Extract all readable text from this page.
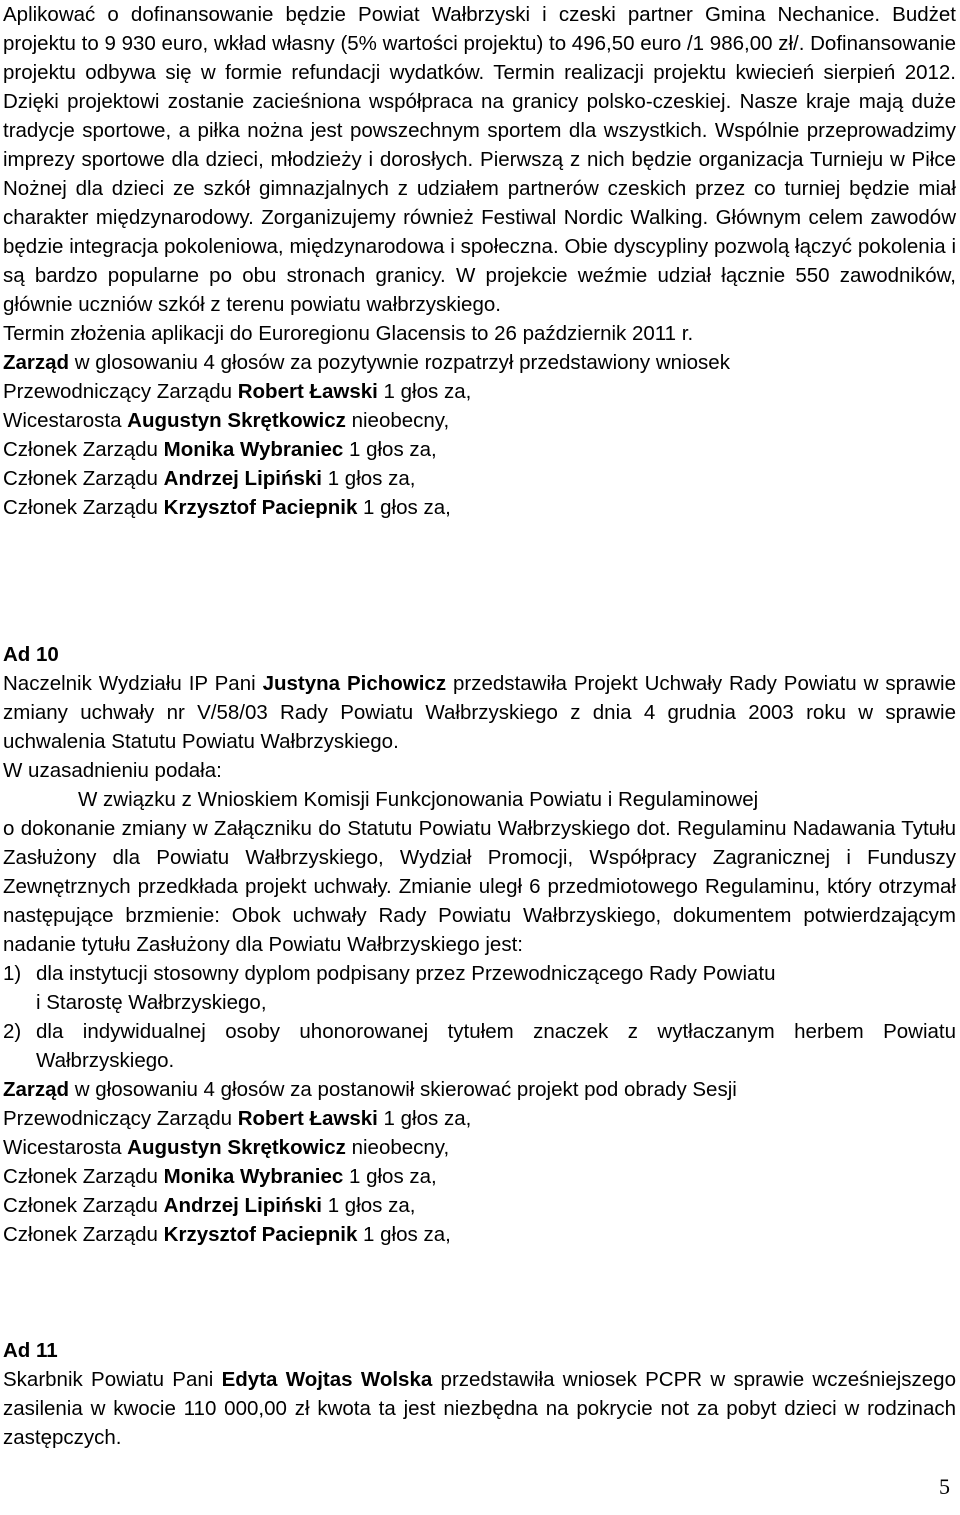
Aplikować o dofinansowanie będzie Powiat Wałbrzyski i czeski partner Gmina Nechanice. Budżet projektu to 9 930 euro, wkład własny (5% wartości projektu) to 496,50 euro /1 986,00 zł/. Dofinansowanie projektu odbywa się w formie refundacji wydatków. Termin realizacji projektu kwiecień sierpień 2012. Dzięki projektowi zostanie zacieśniona współpraca na granicy polsko-czeskiej. Nasze kraje mają duże tradycje sportowe, a piłka nożna jest powszechnym sportem dla wszystkich. Wspólnie przeprowadzimy imprezy sportowe dla dzieci, młodzieży i dorosłych. Pierwszą z nich będzie organizacja Turnieju w Piłce Nożnej dla dzieci ze szkół gimnazjalnych z udziałem partnerów czeskich przez co turniej będzie miał charakter międzynarodowy. Zorganizujemy również Festiwal Nordic Walking. Głównym celem zawodów będzie integracja pokoleniowa, międzynarodowa i społeczna. Obie dyscypliny pozwolą łączyć pokolenia i są bardzo popularne po obu stronach granicy. W projekcie weźmie udział łącznie 550 zawodników, głównie uczniów szkół z terenu powiatu wałbrzyskiego.

Termin złożenia aplikacji do Euroregionu Glacensis to 26 październik 2011 r.

Zarząd w glosowaniu 4 głosów za pozytywnie rozpatrzył przedstawiony wniosek

Przewodniczący Zarządu Robert Ławski 1 głos za,

Wicestarosta Augustyn Skrętkowicz nieobecny,

Członek Zarządu Monika Wybraniec 1 głos za,

Członek Zarządu Andrzej Lipiński 1 głos za,

Członek Zarządu Krzysztof Paciepnik 1 głos za,

Ad 10

Naczelnik Wydziału IP Pani Justyna Pichowicz przedstawiła Projekt Uchwały Rady Powiatu w sprawie zmiany uchwały nr V/58/03 Rady Powiatu Wałbrzyskiego z dnia 4 grudnia 2003 roku w sprawie uchwalenia Statutu Powiatu Wałbrzyskiego.

W uzasadnieniu podała:

W związku z Wnioskiem Komisji Funkcjonowania Powiatu i Regulaminowej

o dokonanie zmiany w Załączniku do Statutu Powiatu Wałbrzyskiego dot. Regulaminu Nadawania Tytułu Zasłużony dla Powiatu Wałbrzyskiego, Wydział Promocji, Współpracy Zagranicznej i Funduszy Zewnętrznych przedkłada projekt uchwały. Zmianie uległ 6 przedmiotowego Regulaminu, który otrzymał następujące brzmienie: Obok uchwały Rady Powiatu Wałbrzyskiego, dokumentem potwierdzającym nadanie tytułu Zasłużony dla Powiatu Wałbrzyskiego jest:

1) dla instytucji stosowny dyplom podpisany przez Przewodniczącego Rady Powiatu
i Starostę Wałbrzyskiego,
2) dla indywidualnej osoby uhonorowanej tytułem znaczek z wytłaczanym herbem Powiatu Wałbrzyskiego.

Zarząd w głosowaniu 4 głosów za postanowił skierować projekt pod obrady Sesji

Przewodniczący Zarządu Robert Ławski 1 głos za,

Wicestarosta Augustyn Skrętkowicz nieobecny,

Członek Zarządu Monika Wybraniec 1 głos za,

Członek Zarządu Andrzej Lipiński 1 głos za,

Członek Zarządu Krzysztof Paciepnik 1 głos za,

Ad 11

Skarbnik Powiatu Pani Edyta Wojtas Wolska przedstawiła wniosek PCPR w sprawie wcześniejszego zasilenia w kwocie 110 000,00 zł kwota ta jest niezbędna na pokrycie not za pobyt dzieci w rodzinach zastępczych.

5
